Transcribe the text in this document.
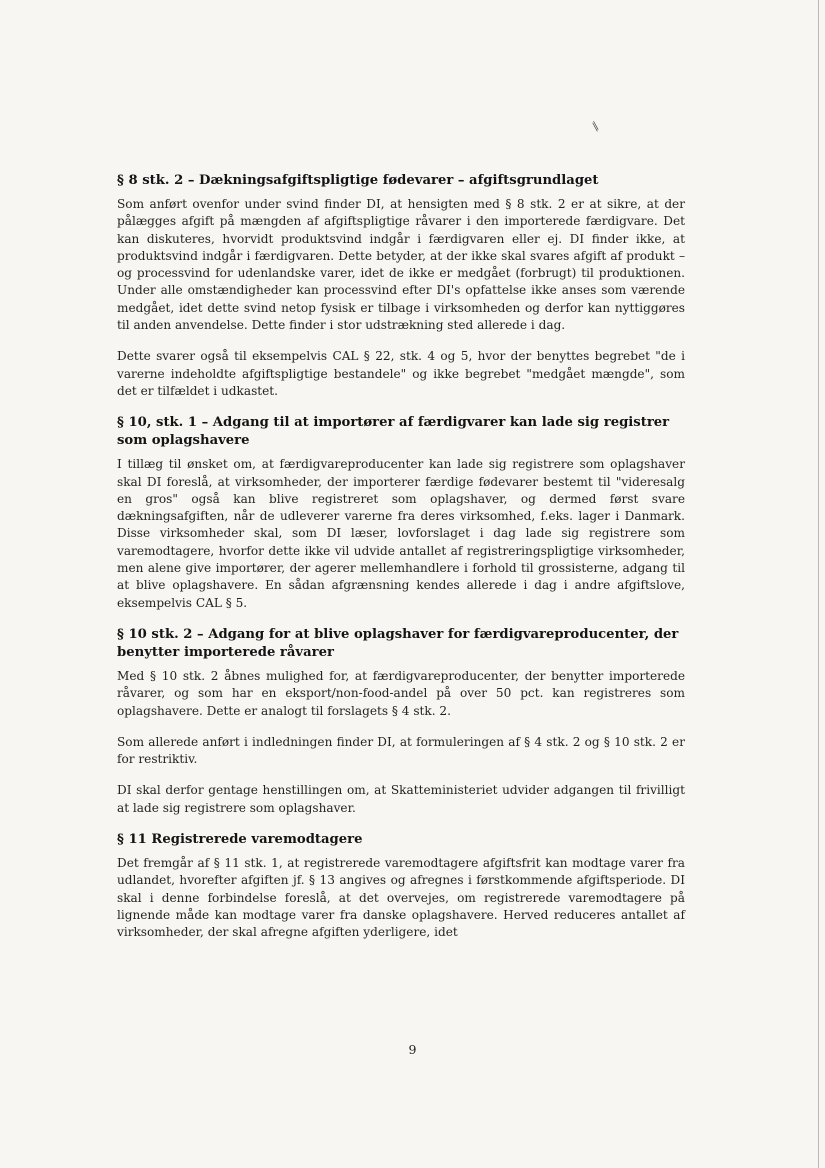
⁄⁄
§ 8 stk. 2 – Dækningsafgiftspligtige fødevarer – afgiftsgrundlaget

Som anført ovenfor under svind finder DI, at hensigten med § 8 stk. 2 er at sikre, at der pålægges afgift på mængden af afgiftspligtige råvarer i den importerede færdigvare. Det kan diskuteres, hvorvidt produktsvind indgår i færdigvaren eller ej. DI finder ikke, at produktsvind indgår i færdigvaren. Dette betyder, at der ikke skal svares afgift af produkt – og processvind for udenlandske varer, idet de ikke er medgået (forbrugt) til produktionen. Under alle omstændigheder kan processvind efter DI's opfattelse ikke anses som værende medgået, idet dette svind netop fysisk er tilbage i virksomheden og derfor kan nyttiggøres til anden anvendelse. Dette finder i stor udstrækning sted allerede i dag.

Dette svarer også til eksempelvis CAL § 22, stk. 4 og 5, hvor der benyttes begrebet "de i varerne indeholdte afgiftspligtige bestandele" og ikke begrebet "medgået mængde", som det er tilfældet i udkastet.

§ 10, stk. 1 – Adgang til at importører af færdigvarer kan lade sig registrer som oplagshavere

I tillæg til ønsket om, at færdigvareproducenter kan lade sig registrere som oplagshaver skal DI foreslå, at virksomheder, der importerer færdige fødevarer bestemt til "videresalg en gros" også kan blive registreret som oplagshaver, og dermed først svare dækningsafgiften, når de udleverer varerne fra deres virksomhed, f.eks. lager i Danmark. Disse virksomheder skal, som DI læser, lovforslaget i dag lade sig registrere som varemodtagere, hvorfor dette ikke vil udvide antallet af registreringspligtige virksomheder, men alene give importører, der agerer mellemhandlere i forhold til grossisterne, adgang til at blive oplagshavere. En sådan afgrænsning kendes allerede i dag i andre afgiftslove, eksempelvis CAL § 5.

§ 10 stk. 2 – Adgang for at blive oplagshaver for færdigvareproducenter, der benytter importerede råvarer

Med § 10 stk. 2 åbnes mulighed for, at færdigvareproducenter, der benytter importerede råvarer, og som har en eksport/non-food-andel på over 50 pct. kan registreres som oplagshavere. Dette er analogt til forslagets § 4 stk. 2.

Som allerede anført i indledningen finder DI, at formuleringen af § 4 stk. 2 og § 10 stk. 2 er for restriktiv.

DI skal derfor gentage henstillingen om, at Skatteministeriet udvider adgangen til frivilligt at lade sig registrere som oplagshaver.

§ 11 Registrerede varemodtagere

Det fremgår af § 11 stk. 1, at registrerede varemodtagere afgiftsfrit kan modtage varer fra udlandet, hvorefter afgiften jf. § 13 angives og afregnes i førstkommende afgiftsperiode. DI skal i denne forbindelse foreslå, at det overvejes, om registrerede varemodtagere på lignende måde kan modtage varer fra danske oplagshavere. Herved reduceres antallet af virksomheder, der skal afregne afgiften yderligere, idet

9
